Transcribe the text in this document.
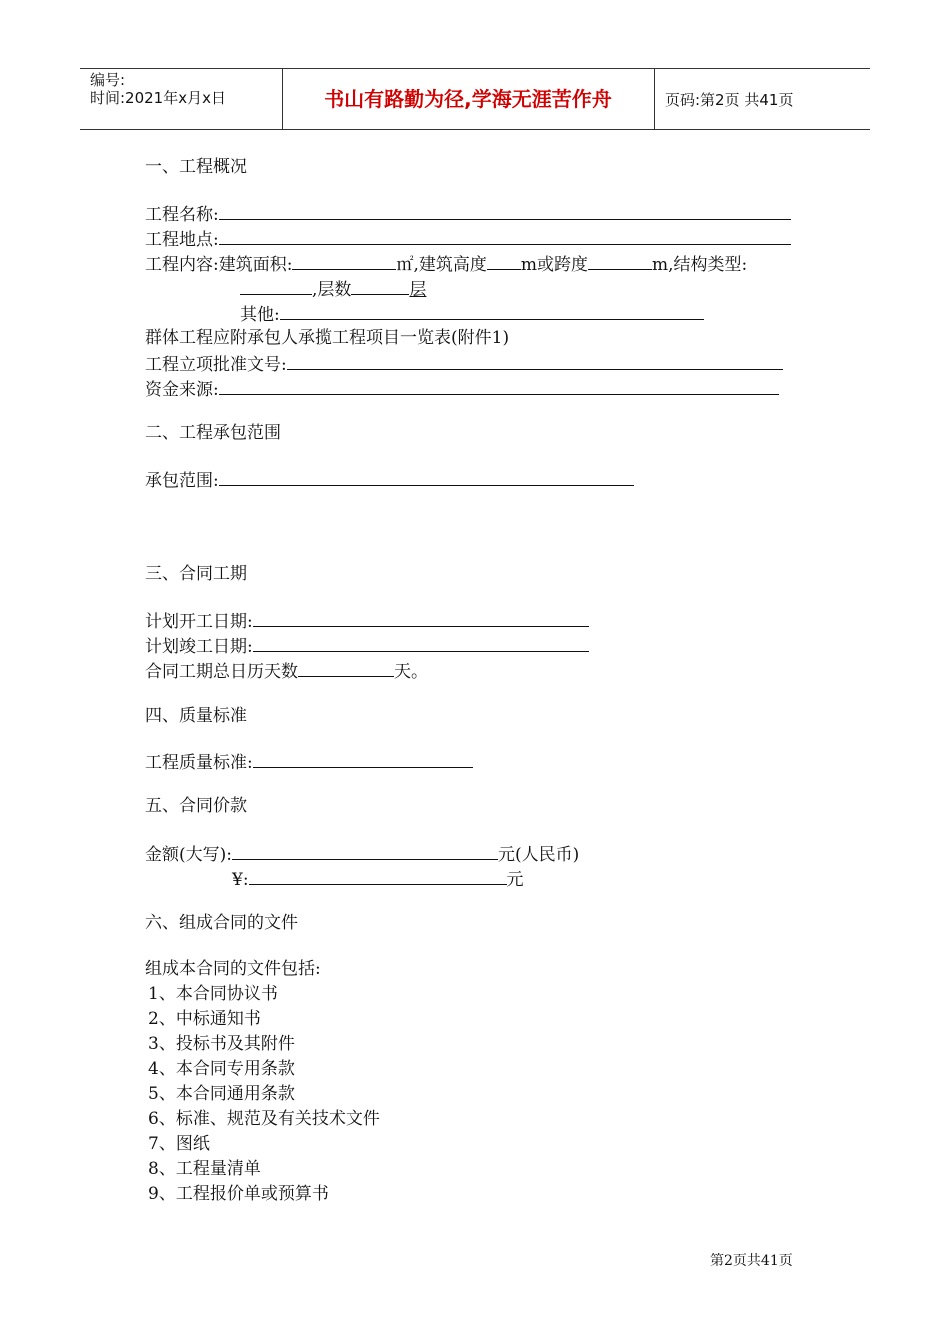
编号:
时间:2021年x月x日	书山有路勤为径,学海无涯苦作舟	页码:第2页 共41页
一、工程概况
工程名称:
工程地点:
工程内容:建筑面积:	㎡,建筑高度 m或跨度	m,结构类型:
,层数	层
其他:
群体工程应附承包人承揽工程项目一览表(附件1)
工程立项批准文号:
资金来源:
二、工程承包范围
承包范围:
三、合同工期
计划开工日期:
计划竣工日期:
合同工期总日历天数	天。
四、质量标准
工程质量标准:
五、合同价款
金额(大写):	元(人民币)
¥:	元
六、组成合同的文件
组成本合同的文件包括:
1、本合同协议书
2、中标通知书
3、投标书及其附件
4、本合同专用条款
5、本合同通用条款
6、标准、规范及有关技术文件
7、图纸
8、工程量清单
9、工程报价单或预算书
第2页共41页
